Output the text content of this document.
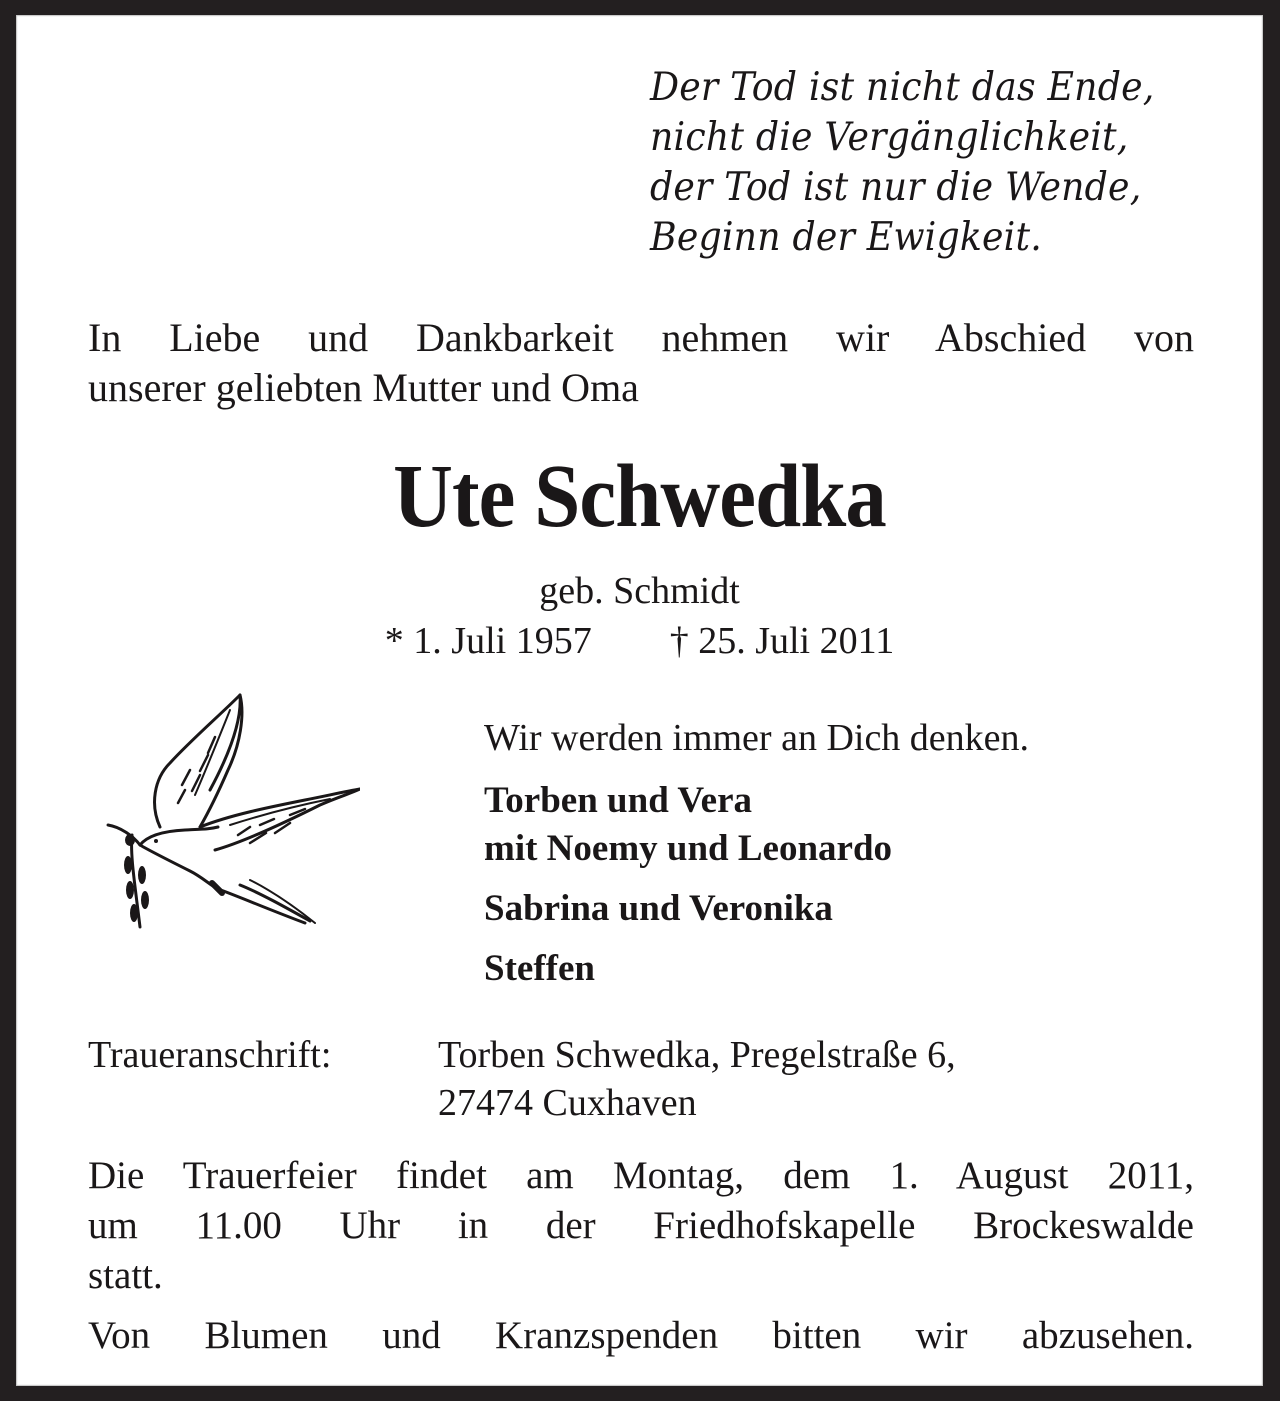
Der Tod ist nicht das Ende,
nicht die Vergänglichkeit,
der Tod ist nur die Wende,
Beginn der Ewigkeit.
In Liebe und Dankbarkeit nehmen wir Abschied von
unserer geliebten Mutter und Oma
Ute Schwedka
geb. Schmidt
* 1. Juli 1957 † 25. Juli 2011
Wir werden immer an Dich denken.
Torben und Vera
mit Noemy und Leonardo
Sabrina und Veronika
Steffen
Traueranschrift:	Torben Schwedka, Pregelstraße 6,
27474 Cuxhaven
Die Trauerfeier findet am Montag, dem 1. August 2011,
um 11.00 Uhr in der Friedhofskapelle Brockeswalde
statt.
Von Blumen und Kranzspenden bitten wir abzusehen.
